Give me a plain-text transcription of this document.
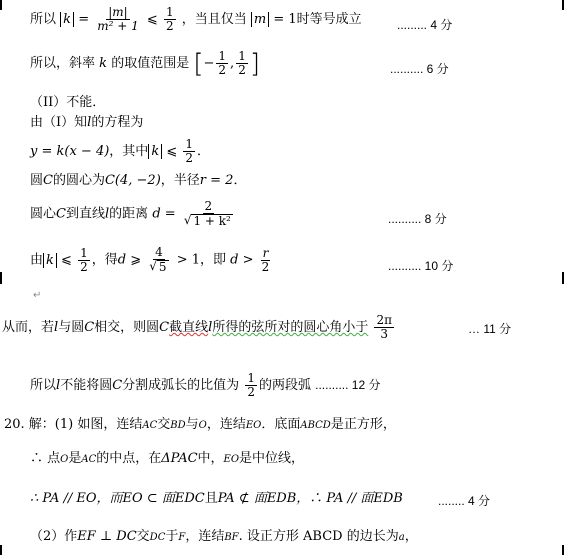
所以 $k = \frac{|m|}{\text{m² + 1}}$ ⩽ $\frac{1}{2}$ ，当且仅当 m = 1时等号成立	......... 4 分
所以，斜率 k 的取值范围是 [− $\frac{1}{2}$ , $\frac{1}{2}$ ]	.......... 6 分
（II）不能．
由（I）知l的方程为
y = k(x − 4)，其中 k ⩽ $\frac{1}{2}$ ．
圆C的圆心为C(4, −2)，半径r = 2．
圆心C到直线l的距离 $d = \frac{2}{\text{√ 1 + k²}}$	.......... 8 分
由 k ⩽ $\frac{1}{2}$ ，得d ⩾ $\frac{4}{√ 5} > 1$，即 $d > \frac{r}{2}$	.......... 10 分
↵
从而，若l与圆C相交，则圆C截直线l所得的弦所对的圆心角小于 $\frac{2\pi}{3}$	… 11 分
所以l不能将圆C分割成弧长的比值为 $\frac{1}{2}$ 的两段弧 .......... 12 分
20. 解：(1) 如图，连结AC交BD与O，连结EO．底面ABCD是正方形，
∴ 点O是AC的中点，在ΔPAC中，EO是中位线，
∴ PA // EO，而EO ⊂ 面EDC且PA ⊄ 面EDB，∴ PA // 面EDB	........ 4 分
（2）作EF ⊥ DC交DC于F，连结BF. 设正方形 ABCD 的边长为a，
